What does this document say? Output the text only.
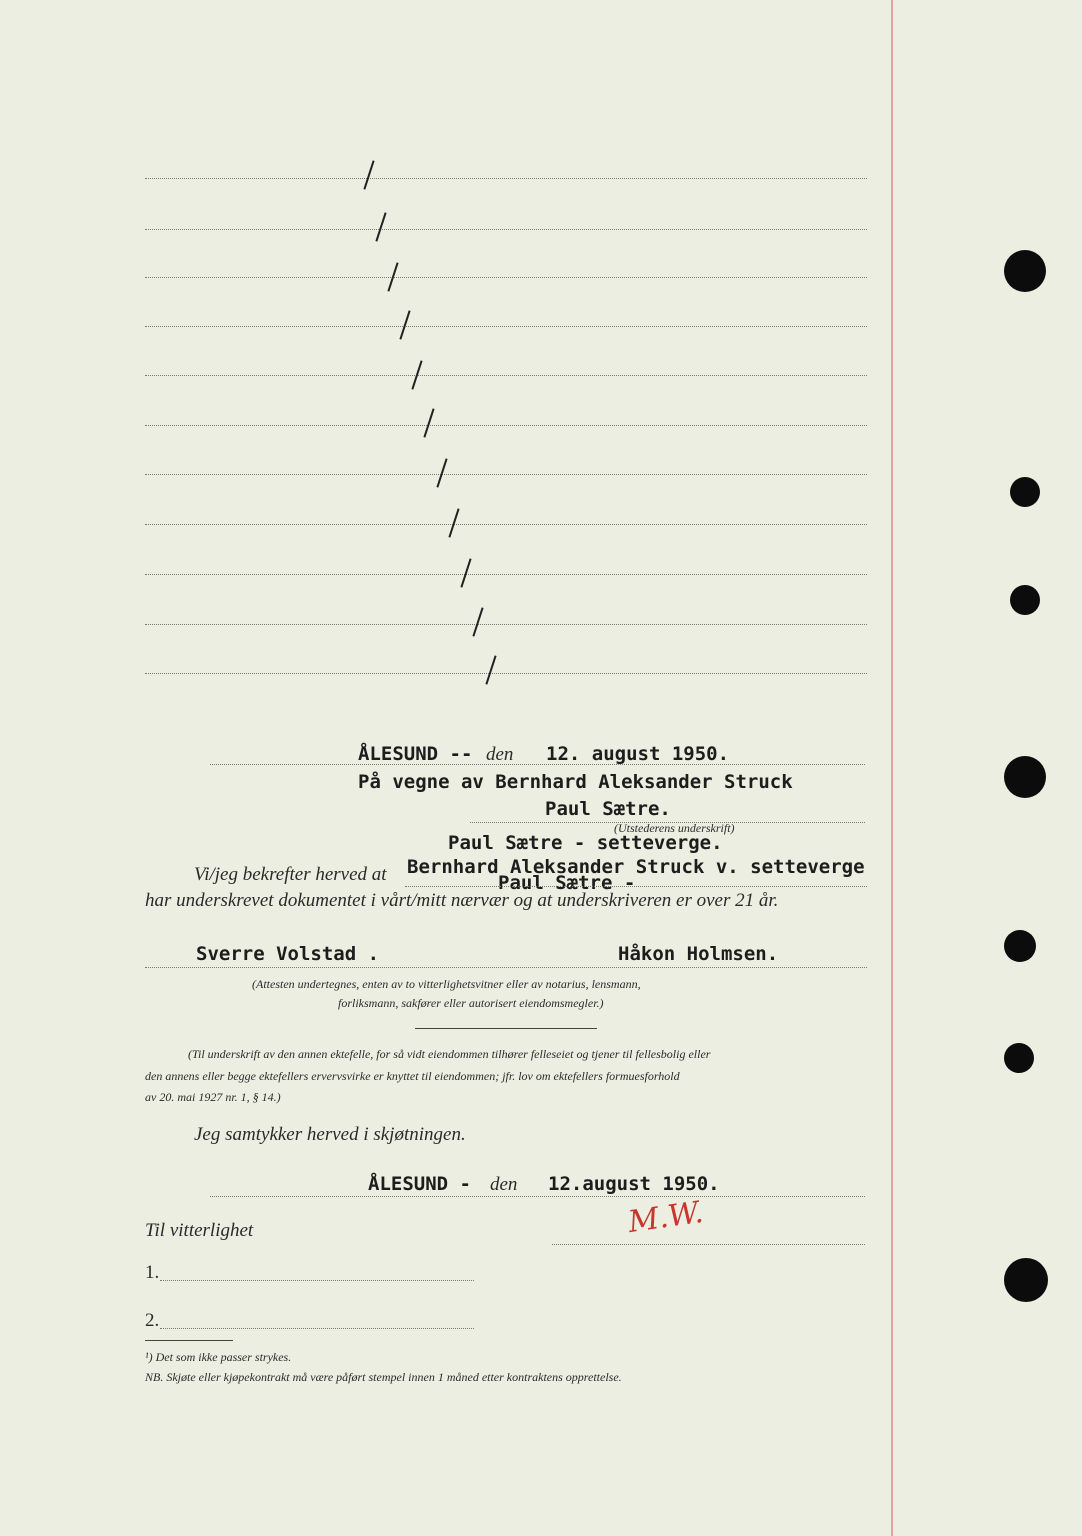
ÅLESUND -- den 12. august 1950.
På vegne av Bernhard Aleksander Struck
Paul Sætre.
(Utstederens underskrift)
Paul Sætre - setteverge.
Vi/jeg bekrefter herved at Bernhard Aleksander Struck v. setteverge
Paul Sætre -
har underskrevet dokumentet i vårt/mitt nærvær og at underskriveren er over 21 år.
Sverre Volstad .	Håkon Holmsen.
(Attesten undertegnes, enten av to vitterlighetsvitner eller av notarius, lensmann,
forliksmann, sakfører eller autorisert eiendomsmegler.)
(Til underskrift av den annen ektefelle, for så vidt eiendommen tilhører felleseiet og tjener til fellesbolig eller
den annens eller begge ektefellers ervervsvirke er knyttet til eiendommen; jfr. lov om ektefellers formuesforhold
av 20. mai 1927 nr. 1, § 14.)
Jeg samtykker herved i skjøtningen.
ÅLESUND - den 12.august 1950.
Til vitterlighet	M.W.
1.
2.
¹) Det som ikke passer strykes.
NB. Skjøte eller kjøpekontrakt må være påført stempel innen 1 måned etter kontraktens opprettelse.
